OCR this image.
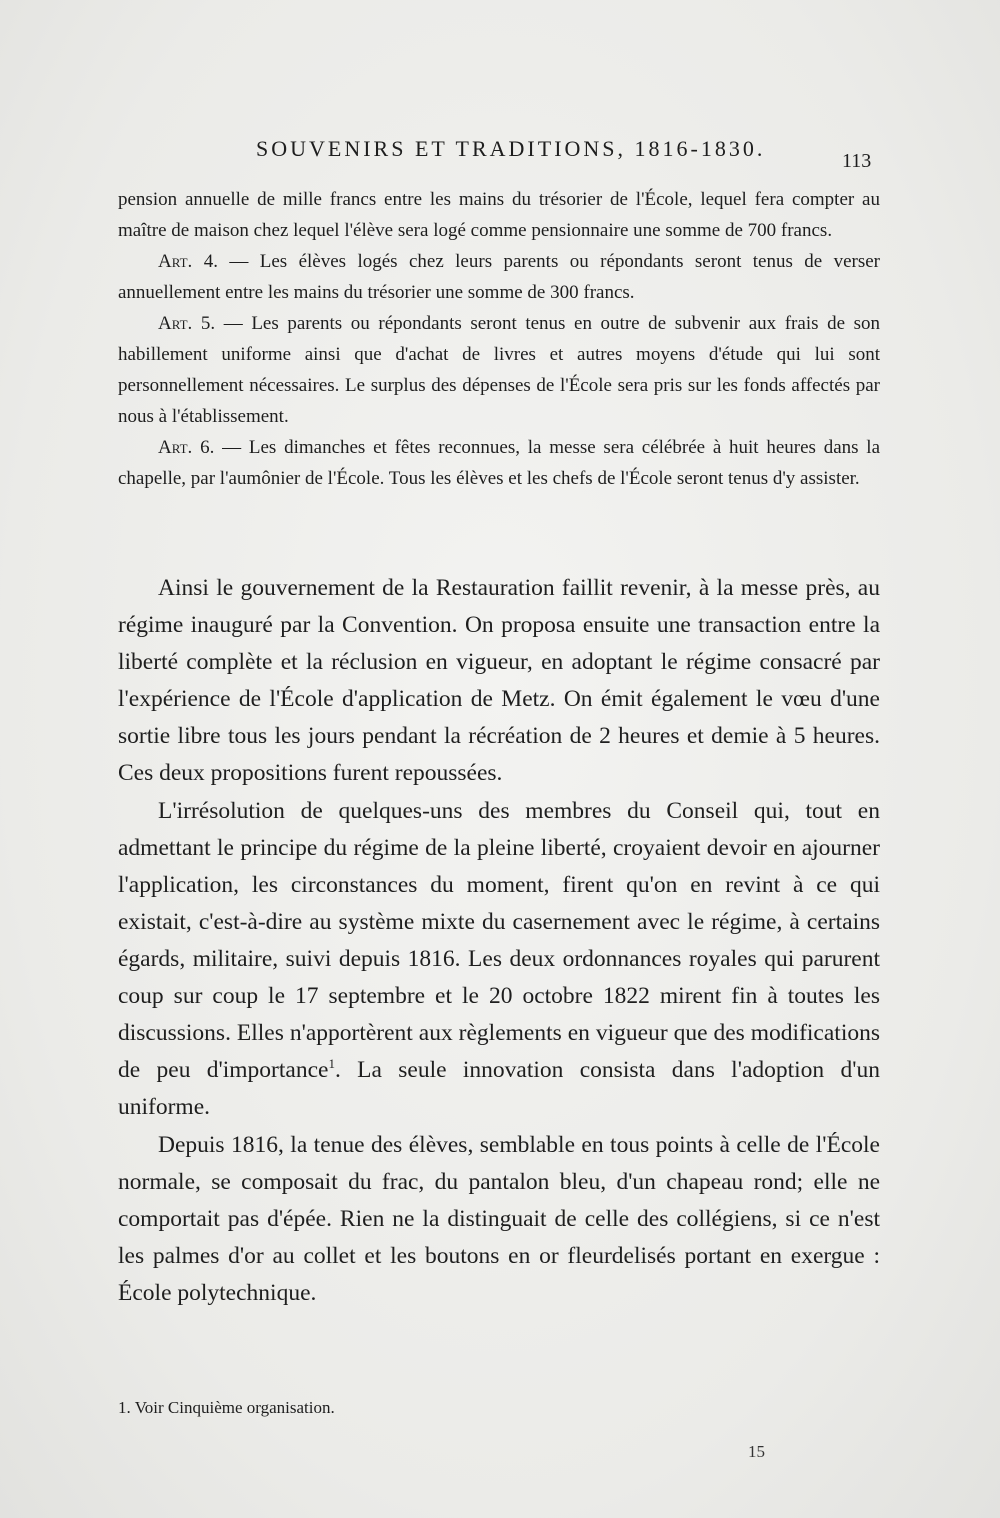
SOUVENIRS ET TRADITIONS, 1816-1830.	113

pension annuelle de mille francs entre les mains du trésorier de l'École, lequel fera compter au maître de maison chez lequel l'élève sera logé comme pensionnaire une somme de 700 francs.

Art. 4. — Les élèves logés chez leurs parents ou répondants seront tenus de verser annuellement entre les mains du trésorier une somme de 300 francs.

Art. 5. — Les parents ou répondants seront tenus en outre de subvenir aux frais de son habillement uniforme ainsi que d'achat de livres et autres moyens d'étude qui lui sont personnellement nécessaires. Le surplus des dépenses de l'École sera pris sur les fonds affectés par nous à l'établissement.

Art. 6. — Les dimanches et fêtes reconnues, la messe sera célébrée à huit heures dans la chapelle, par l'aumônier de l'École. Tous les élèves et les chefs de l'École seront tenus d'y assister.

Ainsi le gouvernement de la Restauration faillit revenir, à la messe près, au régime inauguré par la Convention. On proposa ensuite une transaction entre la liberté complète et la réclusion en vigueur, en adoptant le régime consacré par l'expérience de l'École d'application de Metz. On émit également le vœu d'une sortie libre tous les jours pendant la récréation de 2 heures et demie à 5 heures. Ces deux propositions furent repoussées.

L'irrésolution de quelques-uns des membres du Conseil qui, tout en admettant le principe du régime de la pleine liberté, croyaient devoir en ajourner l'application, les circonstances du moment, firent qu'on en revint à ce qui existait, c'est-à-dire au système mixte du casernement avec le régime, à certains égards, militaire, suivi depuis 1816. Les deux ordonnances royales qui parurent coup sur coup le 17 septembre et le 20 octobre 1822 mirent fin à toutes les discussions. Elles n'apportèrent aux règlements en vigueur que des modifications de peu d'importance$^1$. La seule innovation consista dans l'adoption d'un uniforme.

Depuis 1816, la tenue des élèves, semblable en tous points à celle de l'École normale, se composait du frac, du pantalon bleu, d'un chapeau rond; elle ne comportait pas d'épée. Rien ne la distinguait de celle des collégiens, si ce n'est les palmes d'or au collet et les boutons en or fleurdelisés portant en exergue : École polytechnique.

1. Voir Cinquième organisation.
15
